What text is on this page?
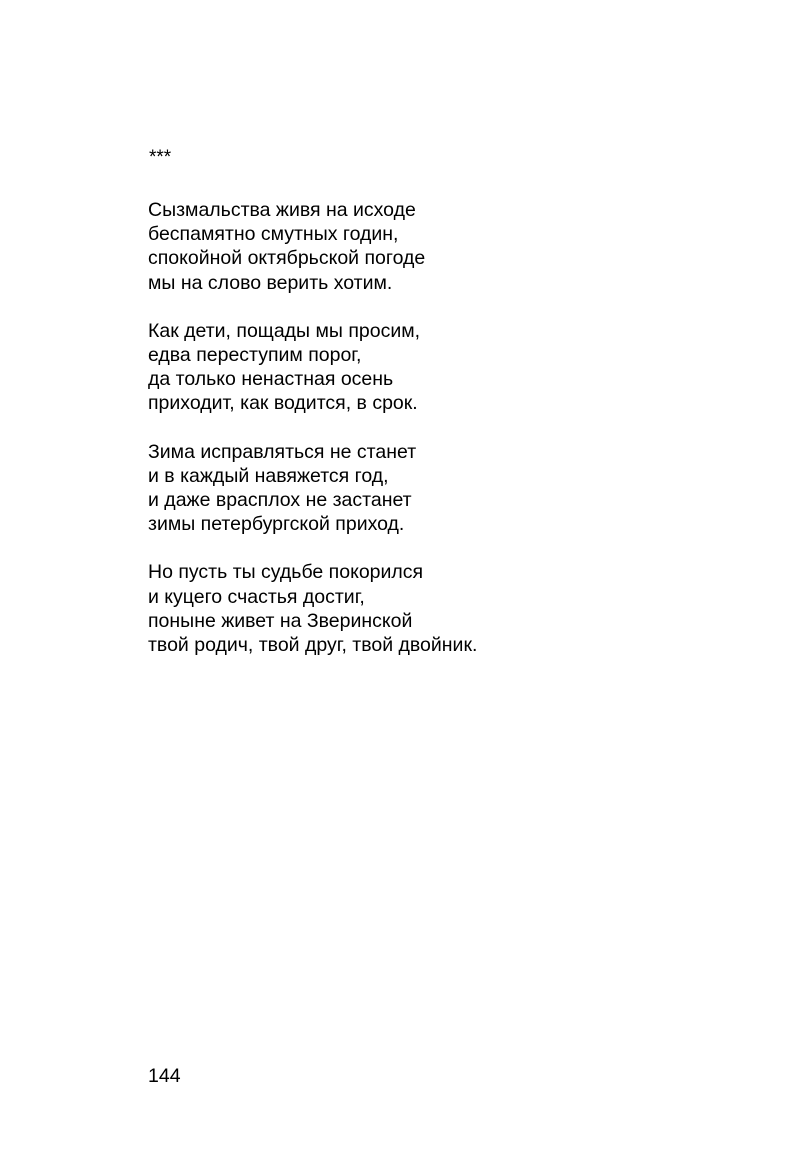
***
Сызмальства живя на исходе
беспамятно смутных годин,
спокойной октябрьской погоде
мы на слово верить хотим.
Как дети, пощады мы просим,
едва переступим порог,
да только ненастная осень
приходит, как водится, в срок.
Зима исправляться не станет
и в каждый навяжется год,
и даже врасплох не застанет
зимы петербургской приход.
Но пусть ты судьбе покорился
и куцего счастья достиг,
поныне живет на Зверинской
твой родич, твой друг, твой двойник.
144
